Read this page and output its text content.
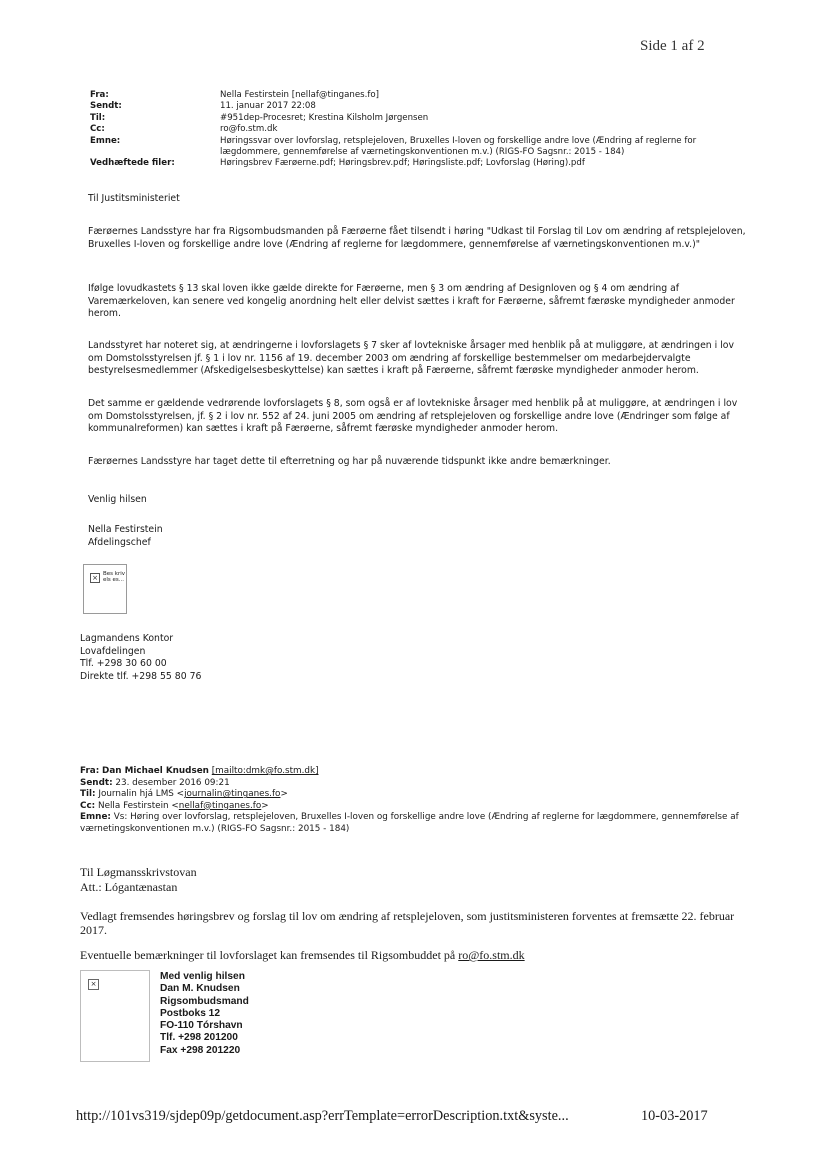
Side 1 af 2
Fra:	Nella Festirstein [nellaf@tinganes.fo]
Sendt:	11. januar 2017 22:08
Til:	#951dep-Procesret; Krestina Kilsholm Jørgensen
Cc:	ro@fo.stm.dk
Emne:	Høringssvar over lovforslag, retsplejeloven, Bruxelles I-loven og forskellige andre love (Ændring af reglerne for lægdommere, gennemførelse af værnetingskonventionen m.v.) (RIGS-FO Sagsnr.: 2015 - 184)
Vedhæftede filer:	Høringsbrev Færøerne.pdf; Høringsbrev.pdf; Høringsliste.pdf; Lovforslag (Høring).pdf
Til Justitsministeriet
Færøernes Landsstyre har fra Rigsombudsmanden på Færøerne fået tilsendt i høring "Udkast til Forslag til Lov om ændring af retsplejeloven, Bruxelles I-loven og forskellige andre love (Ændring af reglerne for lægdommere, gennemførelse af værnetingskonventionen m.v.)"
Ifølge lovudkastets § 13 skal loven ikke gælde direkte for Færøerne, men § 3 om ændring af Designloven og § 4 om ændring af Varemærkeloven, kan senere ved kongelig anordning helt eller delvist sættes i kraft for Færøerne, såfremt færøske myndigheder anmoder herom.
Landsstyret har noteret sig, at ændringerne i lovforslagets § 7 sker af lovtekniske årsager med henblik på at muliggøre, at ændringen i lov om Domstolsstyrelsen jf. § 1 i lov nr. 1156 af 19. december 2003 om ændring af forskellige bestemmelser om medarbejdervalgte bestyrelsesmedlemmer (Afskedigelsesbeskyttelse) kan sættes i kraft på Færøerne, såfremt færøske myndigheder anmoder herom.
Det samme er gældende vedrørende lovforslagets § 8, som også er af lovtekniske årsager med henblik på at muliggøre, at ændringen i lov om Domstolsstyrelsen, jf. § 2 i lov nr. 552 af 24. juni 2005 om ændring af retsplejeloven og forskellige andre love (Ændringer som følge af kommunalreformen) kan sættes i kraft på Færøerne, såfremt færøske myndigheder anmoder herom.
Færøernes Landsstyre har taget dette til efterretning og har på nuværende tidspunkt ikke andre bemærkninger.
Venlig hilsen
Nella Festirstein
Afdelingschef
× Bes kriv els es...
Lagmandens Kontor
Lovafdelingen
Tlf. +298 30 60 00
Direkte tlf. +298 55 80 76
Fra: Dan Michael Knudsen [mailto:dmk@fo.stm.dk]
Sendt: 23. desember 2016 09:21
Til: Journalin hjá LMS <journalin@tinganes.fo>
Cc: Nella Festirstein <nellaf@tinganes.fo>
Emne: Vs: Høring over lovforslag, retsplejeloven, Bruxelles I-loven og forskellige andre love (Ændring af reglerne for lægdommere, gennemførelse af værnetingskonventionen m.v.) (RIGS-FO Sagsnr.: 2015 - 184)
Til Løgmansskrivstovan
Att.: Lógantænastan
Vedlagt fremsendes høringsbrev og forslag til lov om ændring af retsplejeloven, som justitsministeren forventes at fremsætte 22. februar 2017.
Eventuelle bemærkninger til lovforslaget kan fremsendes til Rigsombuddet på ro@fo.stm.dk
×
Med venlig hilsen
Dan M. Knudsen
Rigsombudsmand
Postboks 12
FO-110 Tórshavn
Tlf. +298 201200
Fax +298 201220
http://101vs319/sjdep09p/getdocument.asp?errTemplate=errorDescription.txt&syste...	10-03-2017
